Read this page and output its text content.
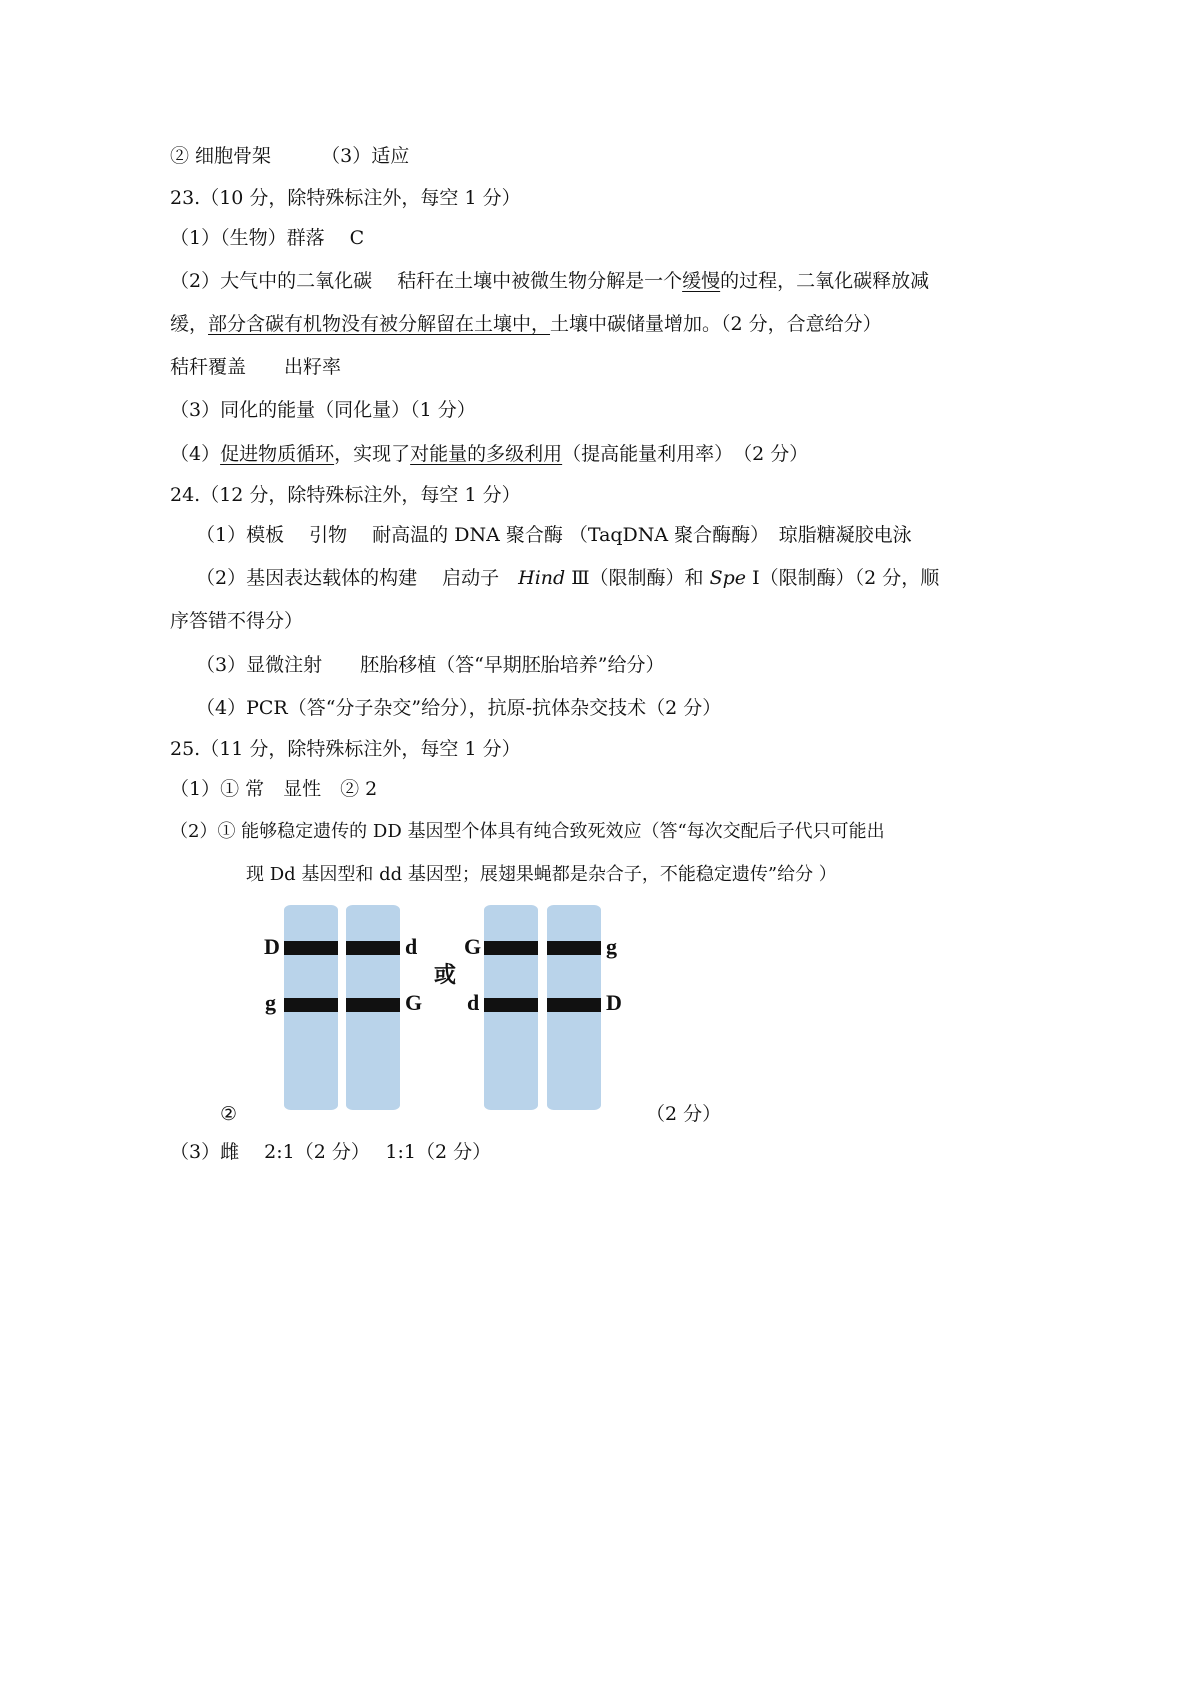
② 细胞骨架	（3）适应
23.（10 分，除特殊标注外，每空 1 分）
（1）（生物）群落　 C
（2）大气中的二氧化碳　 秸秆在土壤中被微生物分解是一个缓慢的过程，二氧化碳释放减
缓，部分含碳有机物没有被分解留在土壤中，土壤中碳储量增加。（2 分，合意给分）
秸秆覆盖　　出籽率
（3）同化的能量（同化量）（1 分）
（4）促进物质循环，实现了对能量的多级利用（提高能量利用率）　（2 分）
24.（12 分，除特殊标注外，每空 1 分）
（1）模板　 引物　 耐高温的 DNA 聚合酶 （TaqDNA 聚合酶酶）　琼脂糖凝胶电泳
（2）基因表达载体的构建　 启动子　Hind Ⅲ（限制酶）和 Spe Ⅰ（限制酶）（2 分，顺
序答错不得分）
（3）显微注射　　胚胎移植（答“早期胚胎培养”给分）
（4）PCR（答“分子杂交”给分），抗原-抗体杂交技术（2 分）
25.（11 分，除特殊标注外，每空 1 分）
（1）① 常　显性　② 2
（2）① 能够稳定遗传的 DD 基因型个体具有纯合致死效应（答“每次交配后子代只可能出
现 Dd 基因型和 dd 基因型；展翅果蝇都是杂合子，不能稳定遗传”给分 ）
D	d
g	G
或
G	g
d	D
②	（2 分）
（3）雌　 2:1（2 分）　 1:1（2 分）
